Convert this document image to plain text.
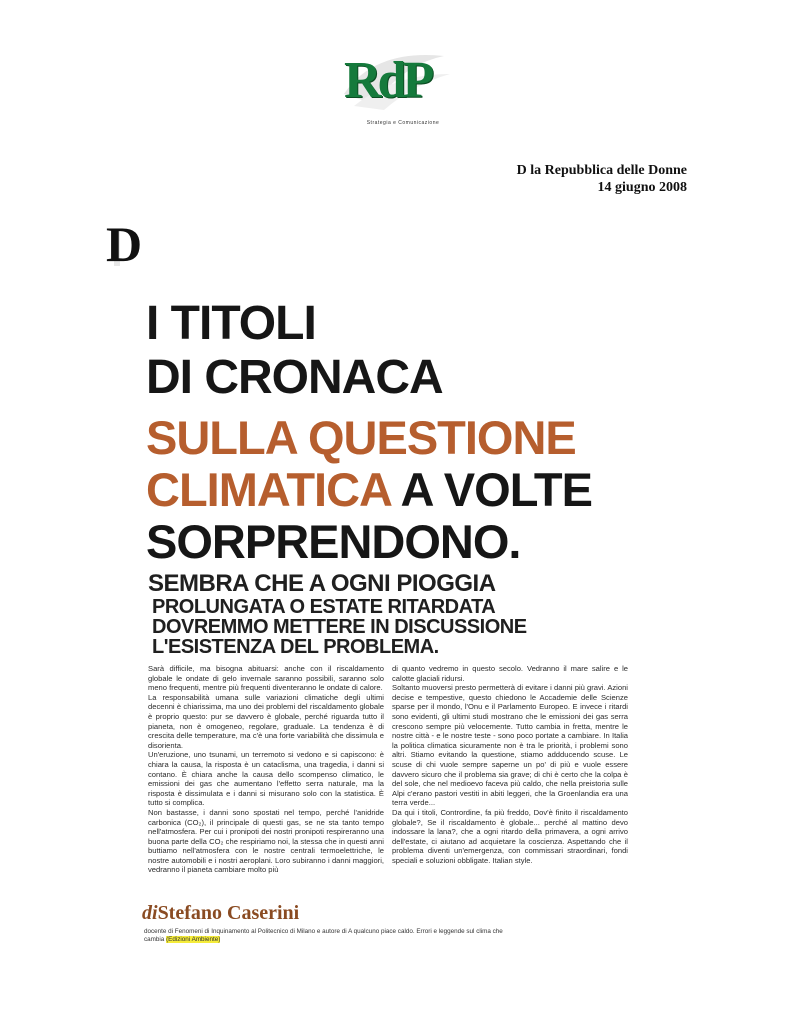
RdP
Strategia e Comunicazione
D la Repubblica delle Donne
14 giugno 2008
D
I TITOLI
DI CRONACA
SULLA QUESTIONE
CLIMATICA A VOLTE
SORPRENDONO.
SEMBRA CHE A OGNI PIOGGIA
PROLUNGATA O ESTATE RITARDATA
DOVREMMO METTERE IN DISCUSSIONE
L'ESISTENZA DEL PROBLEMA.

Sarà difficile, ma bisogna abituarsi: anche con il riscaldamento globale le ondate di gelo invernale saranno possibili, saranno solo meno frequenti, mentre più frequenti diventeranno le ondate di calore.

La responsabilità umana sulle variazioni climatiche degli ultimi decenni è chiarissima, ma uno dei problemi del riscaldamento globale è proprio questo: pur se davvero è globale, perché riguarda tutto il pianeta, non è omogeneo, regolare, graduale. La tendenza è di crescita delle temperature, ma c'è una forte variabilità che dissimula e disorienta.

Un'eruzione, uno tsunami, un terremoto si vedono e si capiscono: è chiara la causa, la risposta è un cataclisma, una tragedia, i danni si contano. È chiara anche la causa dello scompenso climatico, le emissioni dei gas che aumentano l'effetto serra naturale, ma la risposta è dissimulata e i danni si misurano solo con la statistica. È tutto si complica.

Non bastasse, i danni sono spostati nel tempo, perché l'anidride carbonica (CO₂), il principale di questi gas, se ne sta tanto tempo nell'atmosfera. Per cui i pronipoti dei nostri pronipoti respireranno una buona parte della CO₂ che respiriamo noi, la stessa che in questi anni buttiamo nell'atmosfera con le nostre centrali termoelettriche, le nostre automobili e i nostri aeroplani. Loro subiranno i danni maggiori, vedranno il pianeta cambiare molto più

di quanto vedremo in questo secolo. Vedranno il mare salire e le calotte glaciali ridursi.

Soltanto muoversi presto permetterà di evitare i danni più gravi. Azioni decise e tempestive, questo chiedono le Accademie delle Scienze sparse per il mondo, l'Onu e il Parlamento Europeo. E invece i ritardi sono evidenti, gli ultimi studi mostrano che le emissioni dei gas serra crescono sempre più velocemente. Tutto cambia in fretta, mentre le nostre città - e le nostre teste - sono poco portate a cambiare. In Italia la politica climatica sicuramente non è tra le priorità, i problemi sono altri. Stiamo evitando la questione, stiamo addducendo scuse. Le scuse di chi vuole sempre saperne un po' di più e vuole essere davvero sicuro che il problema sia grave; di chi è certo che la colpa è del sole, che nel medioevo faceva più caldo, che nella preistoria sulle Alpi c'erano pastori vestiti in abiti leggeri, che la Groenlandia era una terra verde...

Da qui i titoli, Contrordine, fa più freddo, Dov'è finito il riscaldamento globale?, Se il riscaldamento è globale... perché al mattino devo indossare la lana?, che a ogni ritardo della primavera, a ogni arrivo dell'estate, ci aiutano ad acquietare la coscienza. Aspettando che il problema diventi un'emergenza, con commissari straordinari, fondi speciali e soluzioni obbligate. Italian style.

diStefano Caserini
docente di Fenomeni di Inquinamento al Politecnico di Milano e autore di A qualcuno piace caldo. Errori e leggende sul clima che cambia (Edizioni Ambiente)
